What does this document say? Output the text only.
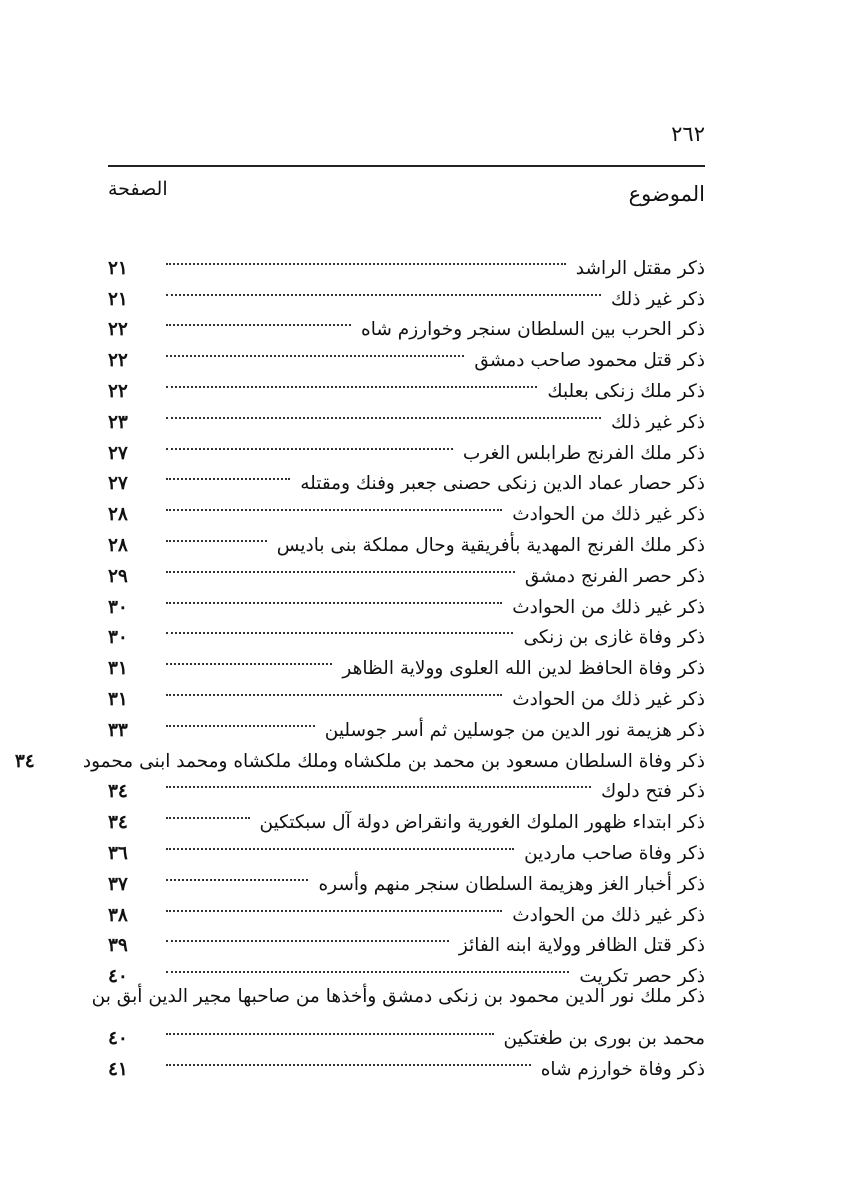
٢٦٢
الموضوع
الصفحة
ذكر مقتل الراشد
٢١
ذكر غير ذلك
٢١
ذكر الحرب بين السلطان سنجر وخوارزم شاه
٢٢
ذكر قتل محمود صاحب دمشق
٢٢
ذكر ملك زنكى بعلبك
٢٢
ذكر غير ذلك
٢٣
ذكر ملك الفرنج طرابلس الغرب
٢٧
ذكر حصار عماد الدين زنكى حصنى جعبر وفنك ومقتله
٢٧
ذكر غير ذلك من الحوادث
٢٨
ذكر ملك الفرنج المهدية بأفريقية وحال مملكة بنى باديس
٢٨
ذكر حصر الفرنج دمشق
٢٩
ذكر غير ذلك من الحوادث
٣٠
ذكر وفاة غازى بن زنكى
٣٠
ذكر وفاة الحافظ لدين الله العلوى وولاية الظاهر
٣١
ذكر غير ذلك من الحوادث
٣١
ذكر هزيمة نور الدين من جوسلين ثم أسر جوسلين
٣٣
ذكر وفاة السلطان مسعود بن محمد بن ملكشاه وملك ملكشاه ومحمد ابنى محمود
٣٤
ذكر فتح دلوك
٣٤
ذكر ابتداء ظهور الملوك الغورية وانقراض دولة آل سبكتكين
٣٤
ذكر وفاة صاحب ماردين
٣٦
ذكر أخبار الغز وهزيمة السلطان سنجر منهم وأسره
٣٧
ذكر غير ذلك من الحوادث
٣٨
ذكر قتل الظافر وولاية ابنه الفائز
٣٩
ذكر حصر تكريت
٤٠
ذكر ملك نور الدين محمود بن زنكى دمشق وأخذها من صاحبها مجير الدين أبق بن
محمد بن بورى بن طغتكين
٤٠
ذكر وفاة خوارزم شاه
٤١
